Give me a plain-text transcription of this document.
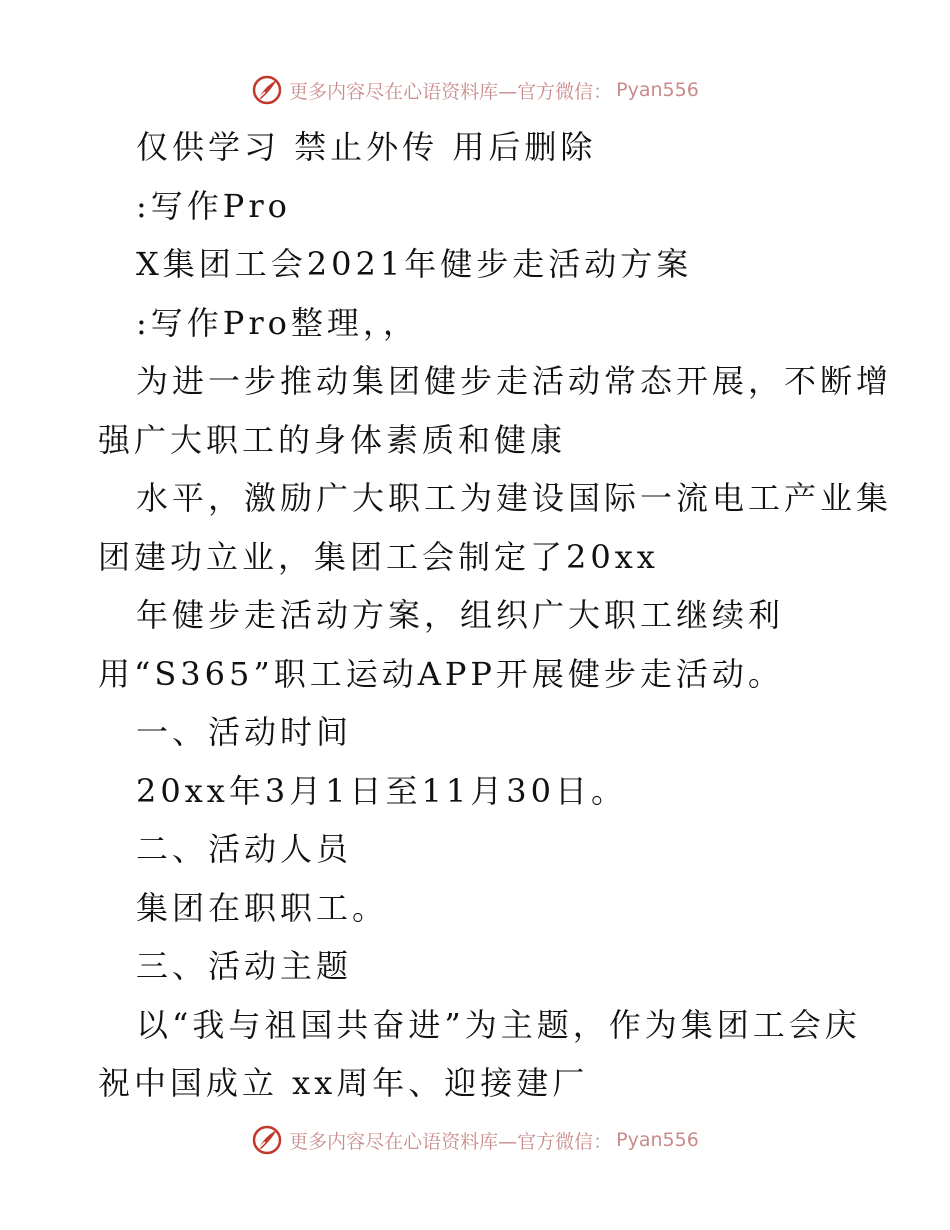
更多内容尽在心语资料库—官方微信： Pyan556
仅供学习 禁止外传 用后删除
:写作Pro
X集团工会2021年健步走活动方案
:写作Pro整理，，
为进一步推动集团健步走活动常态开展，不断增
强广大职工的身体素质和健康
水平，激励广大职工为建设国际一流电工产业集
团建功立业，集团工会制定了20xx
年健步走活动方案，组织广大职工继续利
用“S365”职工运动APP开展健步走活动。
一、活动时间
20xx年3月1日至11月30日。
二、活动人员
集团在职职工。
三、活动主题
以“我与祖国共奋进”为主题，作为集团工会庆
祝中国成立 xx周年、迎接建厂
更多内容尽在心语资料库—官方微信： Pyan556
